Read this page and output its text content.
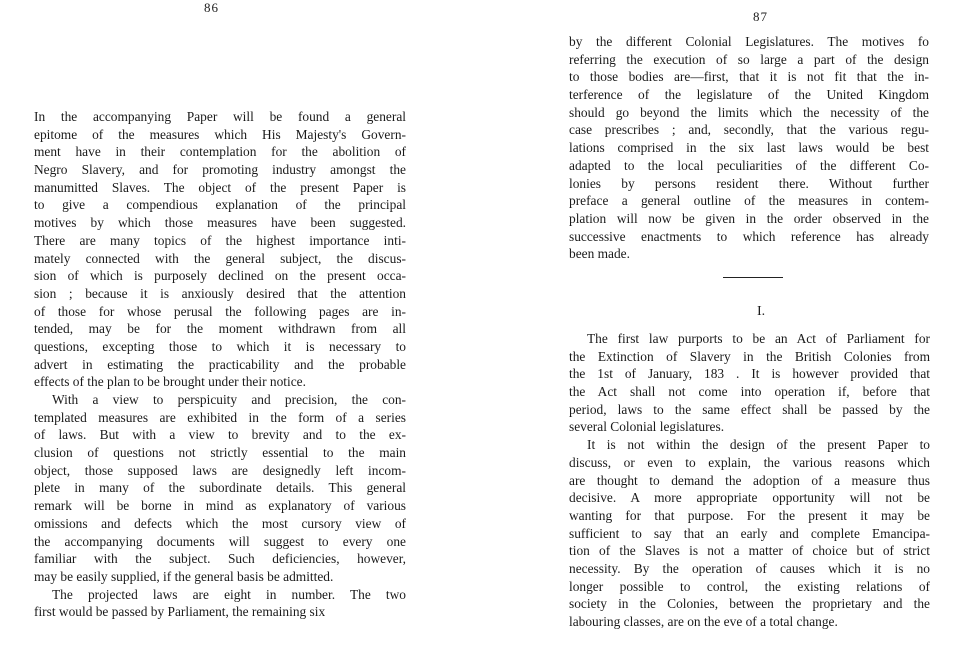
86
In the accompanying Paper will be found a general
epitome of the measures which His Majesty's Govern-
ment have in their contemplation for the abolition of
Negro Slavery, and for promoting industry amongst the
manumitted Slaves. The object of the present Paper is
to give a compendious explanation of the principal
motives by which those measures have been suggested.
There are many topics of the highest importance inti-
mately connected with the general subject, the discus-
sion of which is purposely declined on the present occa-
sion ; because it is anxiously desired that the attention
of those for whose perusal the following pages are in-
tended, may be for the moment withdrawn from all
questions, excepting those to which it is necessary to
advert in estimating the practicability and the probable
effects of the plan to be brought under their notice.
With a view to perspicuity and precision, the con-
templated measures are exhibited in the form of a series
of laws. But with a view to brevity and to the ex-
clusion of questions not strictly essential to the main
object, those supposed laws are designedly left incom-
plete in many of the subordinate details. This general
remark will be borne in mind as explanatory of various
omissions and defects which the most cursory view of
the accompanying documents will suggest to every one
familiar with the subject. Such deficiencies, however,
may be easily supplied, if the general basis be admitted.
The projected laws are eight in number. The two
first would be passed by Parliament, the remaining six
87
by the different Colonial Legislatures. The motives fo
referring the execution of so large a part of the design
to those bodies are—first, that it is not fit that the in-
terference of the legislature of the United Kingdom
should go beyond the limits which the necessity of the
case prescribes ; and, secondly, that the various regu-
lations comprised in the six last laws would be best
adapted to the local peculiarities of the different Co-
lonies by persons resident there. Without further
preface a general outline of the measures in contem-
plation will now be given in the order observed in the
successive enactments to which reference has already
been made.
I.
The first law purports to be an Act of Parliament for
the Extinction of Slavery in the British Colonies from
the 1st of January, 183 . It is however provided that
the Act shall not come into operation if, before that
period, laws to the same effect shall be passed by the
several Colonial legislatures.
It is not within the design of the present Paper to
discuss, or even to explain, the various reasons which
are thought to demand the adoption of a measure thus
decisive. A more appropriate opportunity will not be
wanting for that purpose. For the present it may be
sufficient to say that an early and complete Emancipa-
tion of the Slaves is not a matter of choice but of strict
necessity. By the operation of causes which it is no
longer possible to control, the existing relations of
society in the Colonies, between the proprietary and the
labouring classes, are on the eve of a total change.
